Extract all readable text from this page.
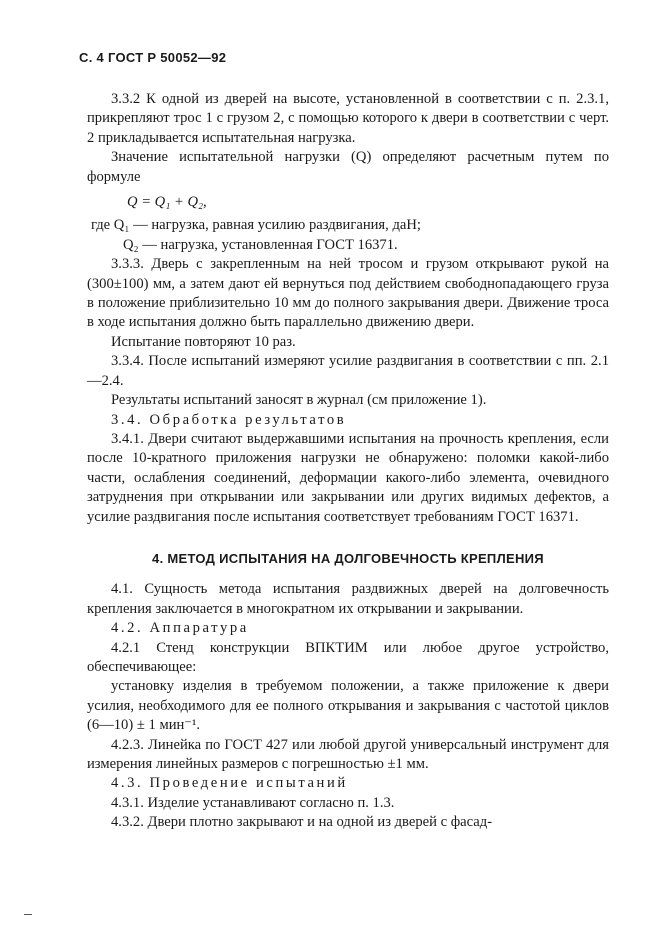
С. 4 ГОСТ Р 50052—92

3.3.2 К одной из дверей на высоте, установленной в соответствии с п. 2.3.1, прикрепляют трос 1 с грузом 2, с помощью которого к двери в соответствии с черт. 2 прикладывается испытательная нагрузка.

Значение испытательной нагрузки (Q) определяют расчетным путем по формуле

Q = Q₁ + Q₂,

где Q₁ — нагрузка, равная усилию раздвигания, даН;

Q₂ — нагрузка, установленная ГОСТ 16371.

3.3.3. Дверь с закрепленным на ней тросом и грузом открывают рукой на (300±100) мм, а затем дают ей вернуться под действием свободнопадающего груза в положение приблизительно 10 мм до полного закрывания двери. Движение троса в ходе испытания должно быть параллельно движению двери.

Испытание повторяют 10 раз.

3.3.4. После испытаний измеряют усилие раздвигания в соответствии с пп. 2.1—2.4.

Результаты испытаний заносят в журнал (см приложение 1).

3.4. Обработка результатов

3.4.1. Двери считают выдержавшими испытания на прочность крепления, если после 10-кратного приложения нагрузки не обнаружено: поломки какой-либо части, ослабления соединений, деформации какого-либо элемента, очевидного затруднения при открывании или закрывании или других видимых дефектов, а усилие раздвигания после испытания соответствует требованиям ГОСТ 16371.

4. МЕТОД ИСПЫТАНИЯ НА ДОЛГОВЕЧНОСТЬ КРЕПЛЕНИЯ

4.1. Сущность метода испытания раздвижных дверей на долговечность крепления заключается в многократном их открывании и закрывании.

4.2. Аппаратура

4.2.1 Стенд конструкции ВПКТИМ или любое другое устройство, обеспечивающее:

установку изделия в требуемом положении, а также приложение к двери усилия, необходимого для ее полного открывания и закрывания с частотой циклов (6—10) ± 1 мин⁻¹.

4.2.3. Линейка по ГОСТ 427 или любой другой универсальный инструмент для измерения линейных размеров с погрешностью ±1 мм.

4.3. Проведение испытаний

4.3.1. Изделие устанавливают согласно п. 1.3.

4.3.2. Двери плотно закрывают и на одной из дверей с фасад-
